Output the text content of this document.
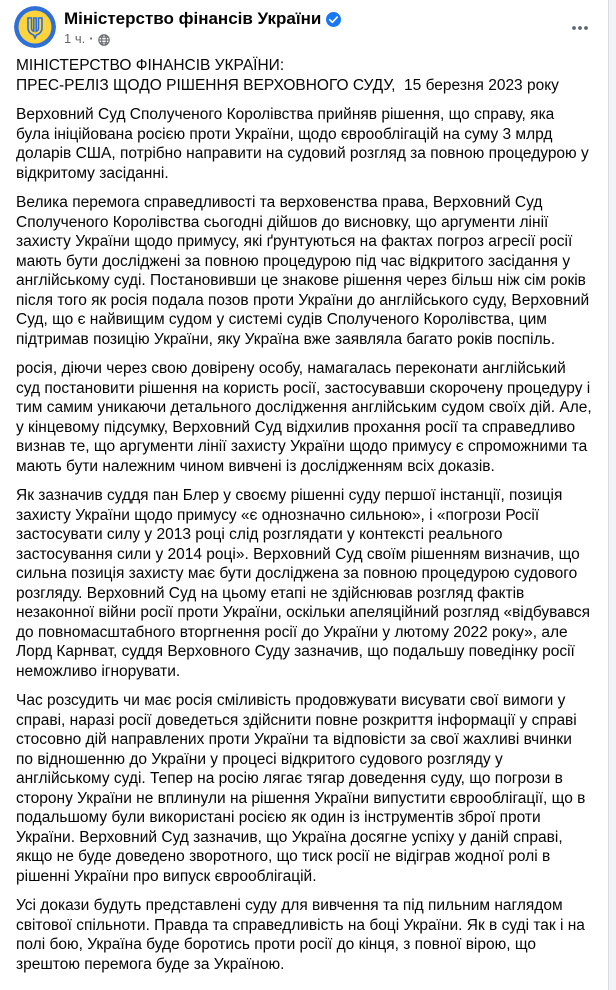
Міністерство фінансів України
1 ч. ·

МІНІСТЕРСТВО ФІНАНСІВ УКРАЇНИ:
ПРЕС-РЕЛІЗ ЩОДО РІШЕННЯ ВЕРХОВНОГО СУДУ,  15 березня 2023 року

Верховний Суд Сполученого Королівства прийняв рішення, що справу, яка була ініційована росією проти України, щодо єврооблігацій на суму 3 млрд доларів США, потрібно направити на судовий розгляд за повною процедурою у відкритому засіданні.

Велика перемога справедливості та верховенства права, Верховний Суд Сполученого Королівства сьогодні дійшов до висновку, що аргументи лінії захисту України щодо примусу, які ґрунтуються на фактах погроз агресії росії мають бути досліджені за повною процедурою під час відкритого засідання у англійському суді. Постановивши це знакове рішення через більш ніж сім років після того як росія подала позов проти України до англійського суду, Верховний Суд, що є найвищим судом у системі судів Сполученого Королівства, цим підтримав позицію України, яку Україна вже заявляла багато років поспіль.

росія, діючи через свою довірену особу, намагалась переконати англійський суд постановити рішення на користь росії, застосувавши скорочену процедуру і тим самим уникаючи детального дослідження англійським судом своїх дій. Але, у кінцевому підсумку, Верховний Суд відхилив прохання росії та справедливо визнав те, що аргументи лінії захисту України щодо примусу є спроможними та мають бути належним чином вивчені із дослідженням всіх доказів.

Як зазначив суддя пан Блер у своєму рішенні суду першої інстанції, позиція захисту України щодо примусу «є однозначно сильною», і «погрози Росії застосувати силу у 2013 році слід розглядати у контексті реального застосування сили у 2014 році». Верховний Суд своїм рішенням визначив, що сильна позиція захисту має бути досліджена за повною процедурою судового розгляду. Верховний Суд на цьому етапі не здійснював розгляд фактів незаконної війни росії проти України, оскільки апеляційний розгляд «відбувався до повномасштабного вторгнення росії до України у лютому 2022 року», але Лорд Карнват, суддя Верховного Суду зазначив, що подальшу поведінку росії неможливо ігнорувати.

Час розсудить чи має росія сміливість продовжувати висувати свої вимоги у справі, наразі росії доведеться здійснити повне розкриття інформації у справі стосовно дій направлених проти України та відповісти за свої жахливі вчинки по відношенню до України у процесі відкритого судового розгляду у англійському суді. Тепер на росію лягає тягар доведення суду, що погрози в сторону України не вплинули на рішення України випустити єврооблігації, що в подальшому були використані росією як один із інструментів зброї проти України. Верховний Суд зазначив, що Україна досягне успіху у даній справі, якщо не буде доведено зворотного, що тиск росії не відіграв жодної ролі в рішенні України про випуск єврооблігацій.

Усі докази будуть представлені суду для вивчення та під пильним наглядом світової спільноти. Правда та справедливість на боці України. Як в суді так і на полі бою, Україна буде боротись проти росії до кінця, з повної вірою, що зрештою перемога буде за Україною.
